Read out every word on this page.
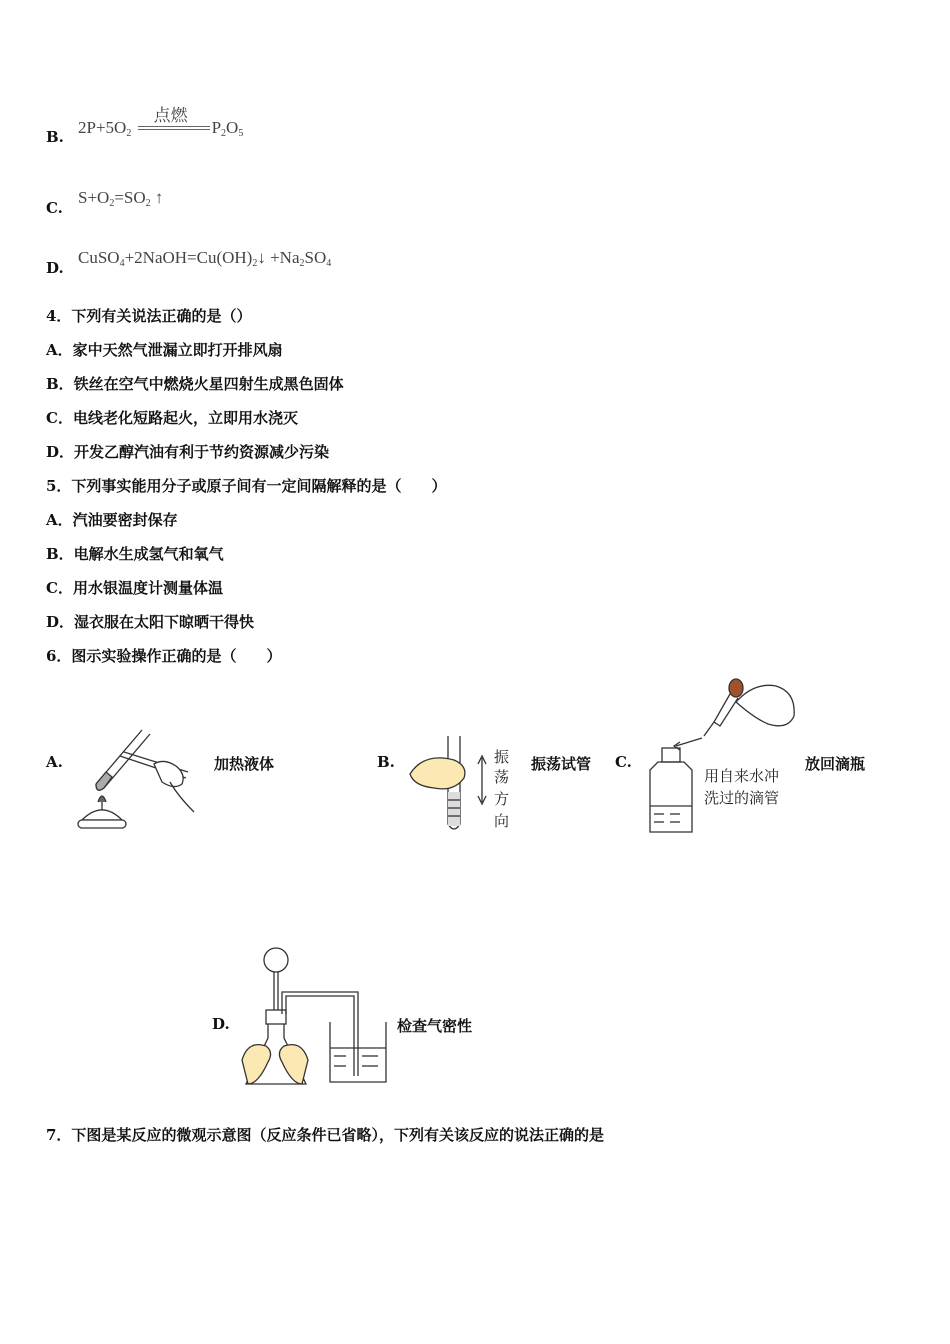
B. $2P+5O_2$
点燃
$P_2O_5$
C.
$S+O_2=SO_2$ ↑
D.
$CuSO_4+2NaOH=Cu(OH)_2↓ +Na_2SO_4$
4．下列有关说法正确的是（）
A．家中天然气泄漏立即打开排风扇
B．铁丝在空气中燃烧火星四射生成黑色固体
C．电线老化短路起火，立即用水浇灭
D．开发乙醇汽油有利于节约资源减少污染
5．下列事实能用分子或原子间有一定间隔解释的是（　　）
A．汽油要密封保存
B．电解水生成氢气和氧气
C．用水银温度计测量体温
D．湿衣服在太阳下晾晒干得快
6．图示实验操作正确的是（　　）
A.	加热液体	B.	振
荡
方
向
振荡试管 C.
用自来水冲
洗过的滴管
放回滴瓶
D.	检查气密性
7．下图是某反应的微观示意图（反应条件已省略），下列有关该反应的说法正确的是
